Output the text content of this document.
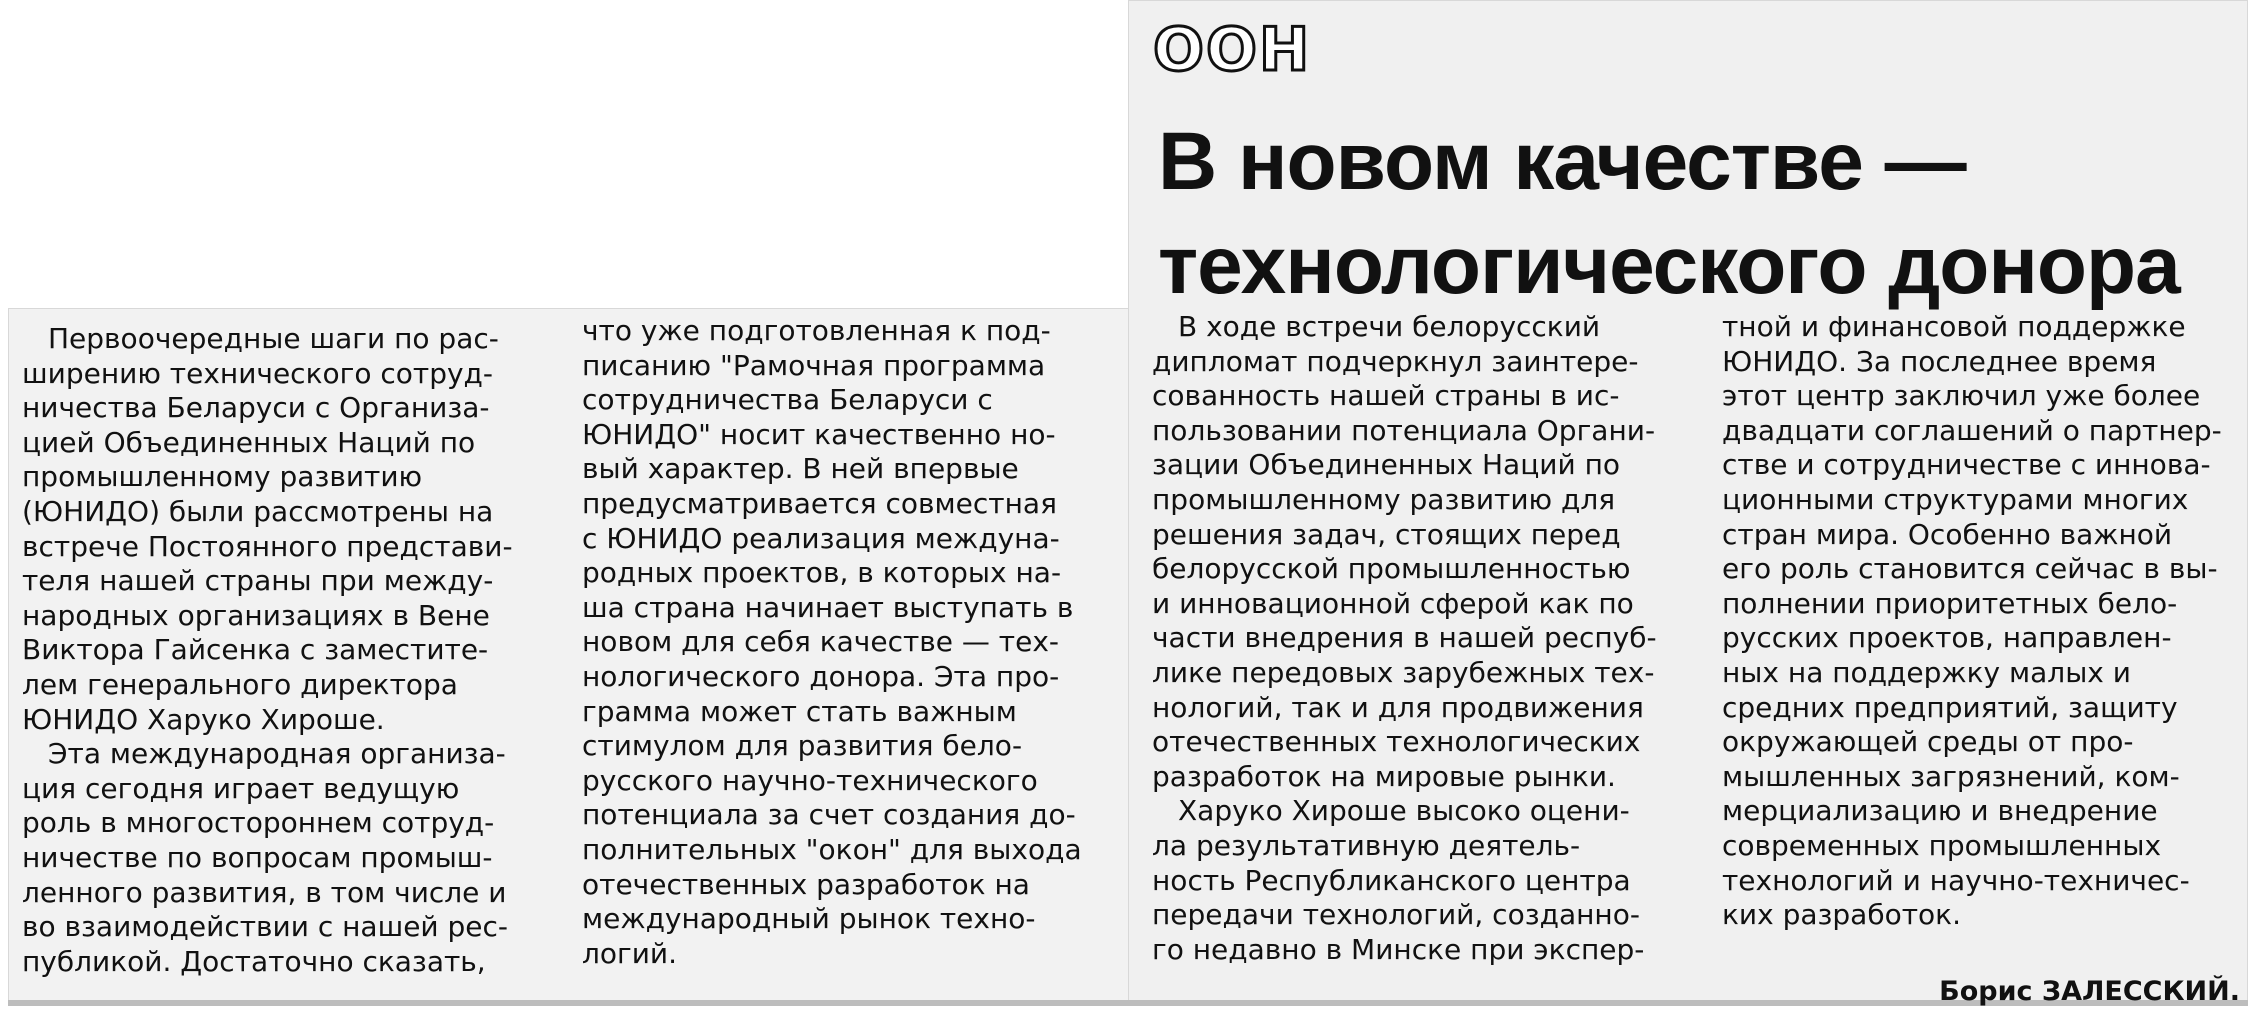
ООН
В новом качестве —
технологического донора

Первоочередные шаги по рас-
ширению технического сотруд-
ничества Беларуси с Организа-
цией Объединенных Наций по
промышленному развитию
(ЮНИДО) были рассмотрены на
встрече Постоянного представи-
теля нашей страны при между-
народных организациях в Вене
Виктора Гайсенка с заместите-
лем генерального директора
ЮНИДО Харуко Хироше.

Эта международная организа-
ция сегодня играет ведущую
роль в многостороннем сотруд-
ничестве по вопросам промыш-
ленного развития, в том числе и
во взаимодействии с нашей рес-
публикой. Достаточно сказать,

что уже подготовленная к под-
писанию "Рамочная программа
сотрудничества Беларуси с
ЮНИДО" носит качественно но-
вый характер. В ней впервые
предусматривается совместная
с ЮНИДО реализация междуна-
родных проектов, в которых на-
ша страна начинает выступать в
новом для себя качестве — тех-
нологического донора. Эта про-
грамма может стать важным
стимулом для развития бело-
русского научно-технического
потенциала за счет создания до-
полнительных "окон" для выхода
отечественных разработок на
международный рынок техно-
логий.

В ходе встречи белорусский
дипломат подчеркнул заинтере-
сованность нашей страны в ис-
пользовании потенциала Органи-
зации Объединенных Наций по
промышленному развитию для
решения задач, стоящих перед
белорусской промышленностью
и инновационной сферой как по
части внедрения в нашей респуб-
лике передовых зарубежных тех-
нологий, так и для продвижения
отечественных технологических
разработок на мировые рынки.

Харуко Хироше высоко оцени-
ла результативную деятель-
ность Республиканского центра
передачи технологий, созданно-
го недавно в Минске при экспер-

тной и финансовой поддержке
ЮНИДО. За последнее время
этот центр заключил уже более
двадцати соглашений о партнер-
стве и сотрудничестве с иннова-
ционными структурами многих
стран мира. Особенно важной
его роль становится сейчас в вы-
полнении приоритетных бело-
русских проектов, направлен-
ных на поддержку малых и
средних предприятий, защиту
окружающей среды от про-
мышленных загрязнений, ком-
мерциализацию и внедрение
современных промышленных
технологий и научно-техничес-
ких разработок.

Борис ЗАЛЕССКИЙ.
